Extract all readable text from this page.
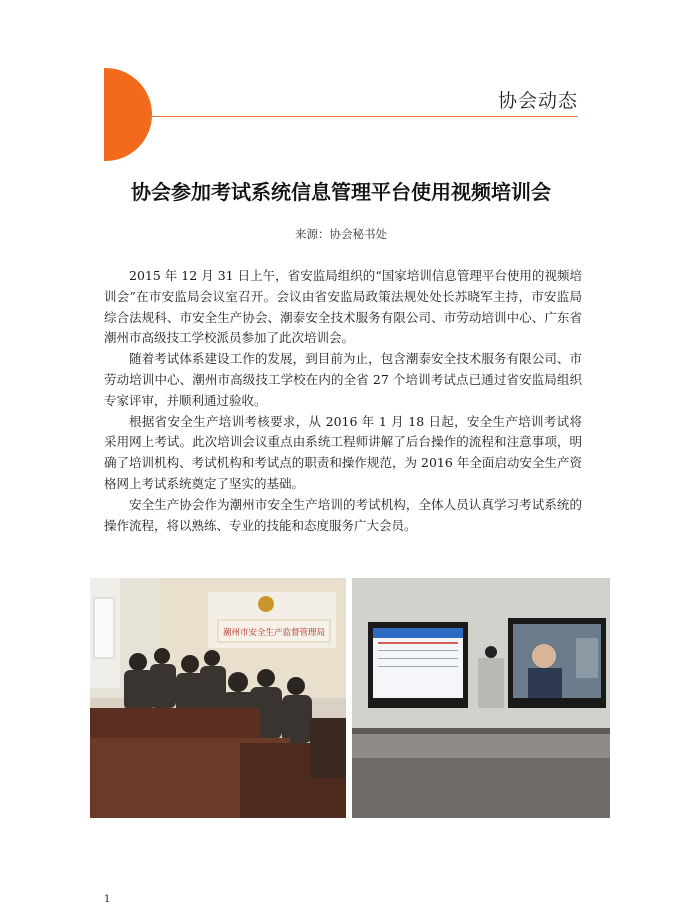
协会动态
协会参加考试系统信息管理平台使用视频培训会
来源：协会秘书处

2015 年 12 月 31 日上午，省安监局组织的“国家培训信息管理平台使用的视频培训会”在市安监局会议室召开。会议由省安监局政策法规处处长苏晓军主持，市安监局综合法规科、市安全生产协会、潮泰安全技术服务有限公司、市劳动培训中心、广东省潮州市高级技工学校派员参加了此次培训会。

随着考试体系建设工作的发展，到目前为止，包含潮泰安全技术服务有限公司、市劳动培训中心、潮州市高级技工学校在内的全省 27 个培训考试点已通过省安监局组织专家评审，并顺利通过验收。

根据省安全生产培训考核要求，从 2016 年 1 月 18 日起，安全生产培训考试将采用网上考试。此次培训会议重点由系统工程师讲解了后台操作的流程和注意事项，明确了培训机构、考试机构和考试点的职责和操作规范，为 2016 年全面启动安全生产资格网上考试系统奠定了坚实的基础。

安全生产协会作为潮州市安全生产培训的考试机构，全体人员认真学习考试系统的操作流程，将以熟练、专业的技能和态度服务广大会员。

潮州市安全生产监督管理局
1
